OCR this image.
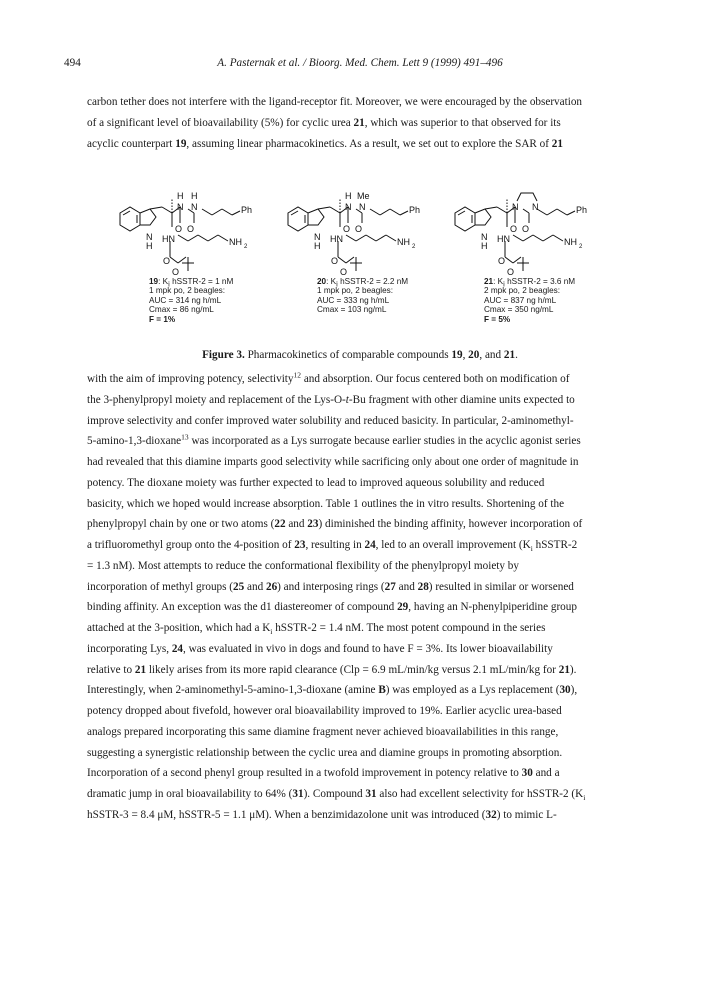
494	A. Pasternak et al. / Bioorg. Med. Chem. Lett 9 (1999) 491–496

carbon tether does not interfere with the ligand-receptor fit. Moreover, we were encouraged by the observation

of a significant level of bioavailability (5%) for cyclic urea 21, which was superior to that observed for its

acyclic counterpart 19, assuming linear pharmacokinetics. As a result, we set out to explore the SAR of 21

N
H
H H
N N	Ph
O O
HN	NH 2
O
O
19: $K_i$ hSSTR-2 = 1 nM
1 mpk po, 2 beagles:
AUC = 314 ng h/mL
Cmax = 86 ng/mL
F = 1%
N
H
H Me
N N	Ph
O O
HN	NH 2
O
O
20: $K_i$ hSSTR-2 = 2.2 nM
1 mpk po, 2 beagles:
AUC = 333 ng h/mL
Cmax = 103 ng/mL
N
H
N N	Ph
O O
HN	NH 2
O
O
21: $K_i$ hSSTR-2 = 3.6 nM
2 mpk po, 2 beagles:
AUC = 837 ng h/mL
Cmax = 350 ng/mL
F = 5%
Figure 3. Pharmacokinetics of comparable compounds 19, 20, and 21.

with the aim of improving potency, selectivity$^{12}$ and absorption. Our focus centered both on modification of

the 3-phenylpropyl moiety and replacement of the Lys-O-t-Bu fragment with other diamine units expected to

improve selectivity and confer improved water solubility and reduced basicity. In particular, 2-aminomethyl-

5-amino-1,3-dioxane$^{13}$ was incorporated as a Lys surrogate because earlier studies in the acyclic agonist series

had revealed that this diamine imparts good selectivity while sacrificing only about one order of magnitude in

potency. The dioxane moiety was further expected to lead to improved aqueous solubility and reduced

basicity, which we hoped would increase absorption. Table 1 outlines the in vitro results. Shortening of the

phenylpropyl chain by one or two atoms (22 and 23) diminished the binding affinity, however incorporation of

a trifluoromethyl group onto the 4-position of 23, resulting in 24, led to an overall improvement ($K_i$ hSSTR-2

= 1.3 nM). Most attempts to reduce the conformational flexibility of the phenylpropyl moiety by

incorporation of methyl groups (25 and 26) and interposing rings (27 and 28) resulted in similar or worsened

binding affinity. An exception was the d1 diastereomer of compound 29, having an N-phenylpiperidine group

attached at the 3-position, which had a $K_i$ hSSTR-2 = 1.4 nM. The most potent compound in the series

incorporating Lys, 24, was evaluated in vivo in dogs and found to have F = 3%. Its lower bioavailability

relative to 21 likely arises from its more rapid clearance (Clp = 6.9 mL/min/kg versus 2.1 mL/min/kg for 21).

Interestingly, when 2-aminomethyl-5-amino-1,3-dioxane (amine B) was employed as a Lys replacement (30),

potency dropped about fivefold, however oral bioavailability improved to 19%. Earlier acyclic urea-based

analogs prepared incorporating this same diamine fragment never achieved bioavailabilities in this range,

suggesting a synergistic relationship between the cyclic urea and diamine groups in promoting absorption.

Incorporation of a second phenyl group resulted in a twofold improvement in potency relative to 30 and a

dramatic jump in oral bioavailability to 64% (31). Compound 31 also had excellent selectivity for hSSTR-2 ($K_i$

hSSTR-3 = 8.4 μM, hSSTR-5 = 1.1 μM). When a benzimidazolone unit was introduced (32) to mimic L-
